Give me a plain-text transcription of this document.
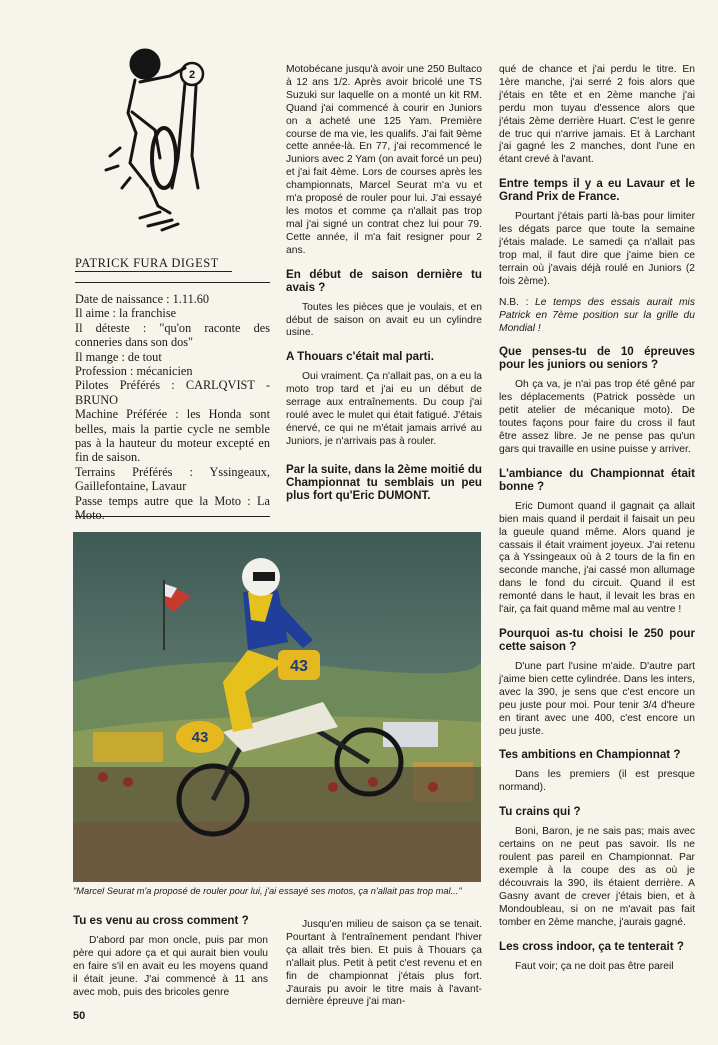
2
PATRICK FURA DIGEST
Date de naissance : 1.11.60
Il aime : la franchise
Il déteste : "qu'on raconte des conneries dans son dos"
Il mange : de tout
Profession : mécanicien
Pilotes Préférés : CARLQVIST - BRUNO
Machine Préférée : les Honda sont belles, mais la partie cycle ne semble pas à la hauteur du moteur excepté en fin de saison.
Terrains Préférés : Yssingeaux, Gaillefontaine, Lavaur
Passe temps autre que la Moto : La

Motobécane jusqu'à avoir une 250 Bultaco à 12 ans 1/2. Après avoir bricolé une TS Suzuki sur laquelle on a monté un kit RM. Quand j'ai commencé à courir en Juniors on a acheté une 125 Yam. Première course de ma vie, les qualifs. J'ai fait 9ème cette année-là. En 77, j'ai recommencé le Juniors avec 2 Yam (on avait forcé un peu) et j'ai fait 4ème. Lors de courses après les championnats, Marcel Seurat m'a vu et m'a proposé de rouler pour lui. J'ai essayé les motos et comme ça n'allait pas trop mal j'ai signé un contrat chez lui pour 79. Cette année, il m'a fait resigner pour 2 ans.

En début de saison dernière tu avais ?

Toutes les pièces que je voulais, et en début de saison on avait eu un cylindre usine.

A Thouars c'était mal parti.

Oui vraiment. Ça n'allait pas, on a eu la moto trop tard et j'ai eu un début de serrage aux entraînements. Du coup j'ai roulé avec le mulet qui était fatigué. J'étais énervé, ce qui ne m'était jamais arrivé au Juniors, je n'arrivais pas à rouler.

Par la suite, dans la 2ème moitié du Championnat tu semblais un peu plus fort qu'Eric DUMONT.

qué de chance et j'ai perdu le titre. En 1ère manche, j'ai serré 2 fois alors que j'étais en tête et en 2ème manche j'ai perdu mon tuyau d'essence alors que j'étais 2ème derrière Huart. C'est le genre de truc qui n'arrive jamais. Et à Larchant j'ai gagné les 2 manches, dont l'une en étant crevé à l'avant.

Entre temps il y a eu Lavaur et le Grand Prix de France.

Pourtant j'étais parti là-bas pour limiter les dégats parce que toute la semaine j'étais malade. Le samedi ça n'allait pas trop mal, il faut dire que j'aime bien ce terrain où j'avais déjà roulé en Juniors (2 fois 2ème).

N.B. : Le temps des essais aurait mis Patrick en 7ème position sur la grille du Mondial !

Que penses-tu de 10 épreuves pour les juniors ou seniors ?

Oh ça va, je n'ai pas trop été gêné par les déplacements (Patrick possède un petit atelier de mécanique moto). De toutes façons pour faire du cross il faut être assez libre. Je ne pense pas qu'un gars qui travaille en usine puisse y arriver.

L'ambiance du Championnat était bonne ?

Eric Dumont quand il gagnait ça allait bien mais quand il perdait il faisait un peu la gueule quand même. Alors quand je cassais il était vraiment joyeux. J'ai retenu ça à Yssingeaux où à 2 tours de la fin en seconde manche, j'ai cassé mon allumage dans le fond du circuit. Quand il est remonté dans le haut, il levait les bras en l'air, ça fait quand même mal au ventre !

Pourquoi as-tu choisi le 250 pour cette saison ?

D'une part l'usine m'aide. D'autre part j'aime bien cette cylindrée. Dans les inters, avec la 390, je sens que c'est encore un peu juste pour moi. Pour tenir 3/4 d'heure en tirant avec une 400, c'est encore un peu juste.

Tes ambitions en Championnat ?

Dans les premiers (il est presque normand).

Tu crains qui ?

Boni, Baron, je ne sais pas; mais avec certains on ne peut pas savoir. Ils ne roulent pas pareil en Championnat. Par exemple à la coupe des as où je découvrais la 390, ils étaient derrière. A Gasny avant de crever j'étais bien, et à Mondoubleau, si on ne m'avait pas fait tomber en 2ème manche, j'aurais gagné.

Les cross indoor, ça te tenterait ?

Faut voir; ça ne doit pas être pareil

43
43
"Marcel Seurat m'a proposé de rouler pour lui, j'ai essayé ses motos, ça n'allait pas trop mal..."
Tu es venu au cross comment ?

D'abord par mon oncle, puis par mon père qui adore ça et qui aurait bien voulu en faire s'il en avait eu les moyens quand il était jeune. J'ai commencé à 11 ans avec mob, puis des bricoles genre

Jusqu'en milieu de saison ça se tenait. Pourtant à l'entraînement pendant l'hiver ça allait très bien. Et puis à Thouars ça n'allait plus. Petit à petit c'est revenu et en fin de championnat j'étais plus fort. J'aurais pu avoir le titre mais à l'avant-dernière épreuve j'ai man-

50
